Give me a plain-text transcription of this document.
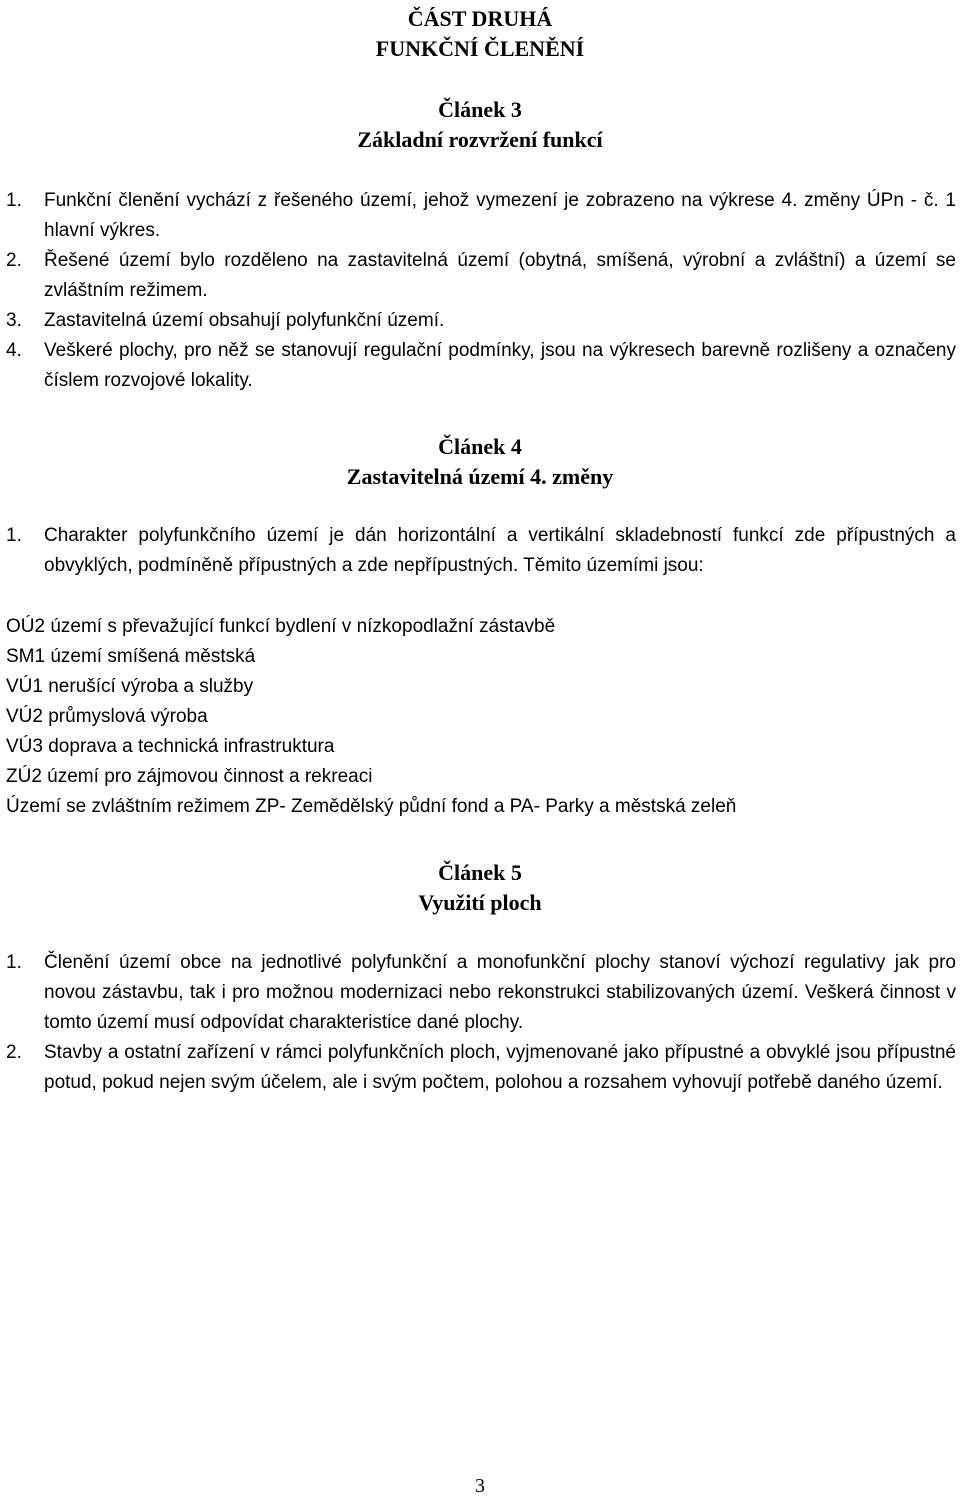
ČÁST DRUHÁ
FUNKČNÍ ČLENĚNÍ
Článek 3
Základní rozvržení funkcí
1.	Funkční členění vychází z řešeného území, jehož vymezení je zobrazeno na výkrese 4. změny ÚPn - č. 1 hlavní výkres.
2.	Řešené území bylo rozděleno na zastavitelná území (obytná, smíšená, výrobní a zvláštní) a území se zvláštním režimem.
3.	Zastavitelná území obsahují polyfunkční území.
4.	Veškeré plochy, pro něž se stanovují regulační podmínky, jsou na výkresech barevně rozlišeny a označeny číslem rozvojové lokality.
Článek 4
Zastavitelná území 4. změny
1.	Charakter polyfunkčního území je dán horizontální a vertikální skladebností funkcí zde přípustných a obvyklých, podmíněně přípustných a zde nepřípustných. Těmito územími jsou:
OÚ2 území s převažující funkcí bydlení v nízkopodlažní zástavbě
SM1 území smíšená městská
VÚ1 nerušící výroba a služby
VÚ2 průmyslová výroba
VÚ3 doprava a technická infrastruktura
ZÚ2 území pro zájmovou činnost a rekreaci
Území se zvláštním režimem ZP- Zemědělský půdní fond a PA- Parky a městská zeleň
Článek 5
Využití ploch
1.	Členění území obce na jednotlivé polyfunkční a monofunkční plochy stanoví výchozí regulativy jak pro novou zástavbu, tak i pro možnou modernizaci nebo rekonstrukci stabilizovaných území. Veškerá činnost v tomto území musí odpovídat charakteristice dané plochy.
2.	Stavby a ostatní zařízení v rámci polyfunkčních ploch, vyjmenované jako přípustné a obvyklé jsou přípustné potud, pokud nejen svým účelem, ale i svým počtem, polohou a rozsahem vyhovují potřebě daného území.
3
